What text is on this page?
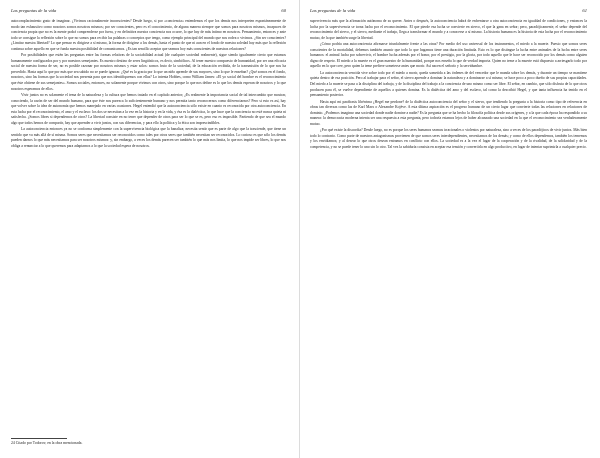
Las preguntas de la vida	60

autocomplacimiento grato de imaginar. ¿Vivimos racionalmente inconscientes? Desde luego, si por «conciencia» entendemos el que los demás nos interpreten espontáneamente de modo tan exhaustivo como nosotros somos nosotros mismos; por ser conscientes, pero es el conocimiento, de alguna manera siempre que somos para nosotros mismos, incapaces de conciencia propia que no es la mente podrá comprenderse por fuera, y en definitiva nuestra conciencia nos ocurre, lo que hay de más íntimo en nosotros. Pensamiento, entonces y ante todo se consigue la reflexión sobre lo que no somos para recibir las palabras o conceptos que tengo, como ejemplo principal del mundo que nos rodea o vivimos. ¿Sin ser conscientes? ¿Limitar nuestra libertad? Lo que pensar es dirigirse a sí mismo, la forma de dirigirse a los demás, hasta el punto de que ni aun en el fondo de nuestra soledad hay más que la reflexión continua sobre aquello en que se funda nuestra posibilidad de comunicarnos. ¿Es tan sencillo aceptar que seamos hoy más conscientes de nuestras relaciones?

Por posibilidades que estén las preguntas entre las formas relativas de la sociabilidad actual (de cualquier sociedad realmente), sigue siendo igualmente cierto que estamos humanamente configurados por y por nuestros semejantes. Es nuestro destino de seres lingüísticos, es decir, simbólicos. Al tener nuestro compuesto de humanidad, por ser una eficacia social de nuestra forma de ser, no es posible razonar por nosotros mismos y estar solos: somos fruto de la sociedad, de la educación recibida, de la transmisión de lo que nos ha precedido. Hasta aquí lo que por más que sea sabido no se puede ignorar. ¿Qué es la gracia por lo que un niño aprende de sus mayores, sino lo que le enseñan? ¿Qué somos en el fondo, nosotros, sino las formas que la sociedad nos presenta para que nos identifiquemos con ellas? Lo intenta Hobbes, como William James: «El yo social del hombre es el reconocimiento que éste obtiene de sus semejantes». Somos sociales, entonces, no solamente porque vivimos con otros, sino porque lo que nos define es lo que los demás esperan de nosotros y lo que nosotros esperamos de ellos.

Vivir juntos no es solamente el tema de la naturaleza y la cultura que hemos tratado en el capítulo anterior; ¿Es realmente la importancia social de tal intercambio que mostrar, conociendo, la razón de ser del mundo humano, para que éste nos parezca lo suficientemente humano y nos permita tanto reconocernos como diferenciarnos? Pero si esto es así, hay que volver sobre la idea de autonomía que hemos manejado en varias ocasiones. Hegel entendió que la autoconciencia sólo existe en cuanto es reconocida por otra autoconciencia. En esta lucha por el reconocimiento, el amo y el esclavo: los dos se necesitan a la vez en la historia y en la vida, y ésa es la dialéctica, lo que hace que la conciencia no esté nunca quieta ni satisfecha. ¿Somos libres si dependemos de otros? La libertad consiste en no tener que depender de otros para ser lo que se es, pero eso es imposible. Partiendo de que sea el mundo algo que todos hemos de compartir, hay que aprender a vivir juntos, con sus diferencias, y para ello la política y la ética son imprescindibles.

La autoconciencia entonces ya no se conforma simplemente con la supervivencia biológica que la banaliza; necesita sentir que es parte de algo que la trasciende, que tiene un sentido que va más allá de sí misma. Somos seres que necesitamos ser reconocidos como tales por otros seres que también necesitan ser reconocidos. Lo curioso es que sólo los demás pueden darnos lo que más necesitamos para ser nosotros mismos: y, sin embargo, a veces los demás parecen ser también lo que más nos limita, lo que nos impide ser libres, lo que nos obliga a renunciar a lo que queremos para adaptarnos a lo que la sociedad espera de nosotros.

24 Citado por Todorov, en la obra mencionada.
Las preguntas de la vida	61

supervivencia más que la afirmación autónoma de su querer. Antes o después, la autoconciencia habrá de enfrentarse a otra autoconciencia en igualdad de condiciones, y entonces la lucha por la supervivencia se torna lucha por el reconocimiento. El que pierde esa lucha se convierte en siervo, el que la gana en señor; pero, paradójicamente, el señor depende del reconocimiento del siervo, y el siervo, mediante el trabajo, llega a transformar el mundo y a conocerse a sí mismo. La historia humana es la historia de esta lucha por el reconocimiento mutuo, de la que también surge la libertad.

¿Cómo podría una autoconciencia afirmarse triunfalmente frente a las otras? Por medio del uso universal de los instrumentos, el miedo a la muerte. Puesto que somos seres conscientes de la mortalidad, debemos también asumir que todo lo que hagamos tiene una duración limitada. Esto es lo que distingue la lucha entre animales de la lucha entre seres humanos: el animal lucha por sobrevivir, el hombre lucha además por el honor, por el prestigio, por la gloria, por todo aquello que le hace ser reconocido por los demás como alguien digno de respeto. El miedo a la muerte es el gran maestro de la humanidad, porque nos enseña lo que de verdad importa. Quien no teme a la muerte está dispuesto a arriesgarlo todo por aquello en lo que cree, pero quien la teme prefiere someterse antes que morir. Así nacen el señorío y la servidumbre.

La autoconciencia vencida vive sobre todo por el miedo a morir, queda sometida a las órdenes de del vencedor que le manda sobre los demás, y durante un tiempo se mantiene quieta dentro de esa posición. Pero al trabajar para el señor, el siervo aprende a dominar la naturaleza y a dominarse a sí mismo; se hace poco a poco dueño de sus propias capacidades. Del miedo a la muerte se pasa a la disciplina del trabajo, y de la disciplina del trabajo a la conciencia de uno mismo como ser libre. El señor, en cambio, que sólo disfruta de lo que otros producen para él, se vuelve dependiente de aquellos a quienes domina. Es la dialéctica del amo y del esclavo, tal como la describió Hegel, y que tanta influencia ha tenido en el pensamiento posterior.

Hasta aquí mi paráfrasis libérrima ¿Hegel me perdone? de la dialéctica autoconciencia del señor y el siervo, que tendiendo la pregunta a la historia como tipo de referencia en obras tan diversas como las de Karl Marx o Alexandre Kojève. A esta última aspiración es el progreso humano de un cierto lugar que convierte todas las relaciones en relaciones de dominio. ¿Podemos imaginar una sociedad donde nadie domine a nadie? Es la pregunta que se ha hecho la filosofía política desde sus orígenes, y a la que cada época ha respondido a su manera: la democracia moderna intenta ser una respuesta a esta pregunta, pero todavía estamos lejos de haber alcanzado una sociedad en la que el reconocimiento sea verdaderamente mutuo.

¿Por qué existe la discordia? Desde luego, no es porque los seres humanos seamos irracionales o violentos por naturaleza, sino a veces de los paradójicos de vivir juntos. Más bien todo lo contrario. Como parte de nuestros antagonismos provienen de que somos seres interdependientes, necesitamos de los demás; y como de ellos dependemos, también los tememos y los envidiamos; y al desear lo que otros desean entramos en conflicto con ellos. La sociedad es a la vez el lugar de la cooperación y de la rivalidad, de la solidaridad y de la competencia, y no se puede tener lo uno sin lo otro. Tal vez la sabiduría consista en aceptar esa tensión y convertirla en algo productivo, en lugar de intentar suprimirla a cualquier precio.
